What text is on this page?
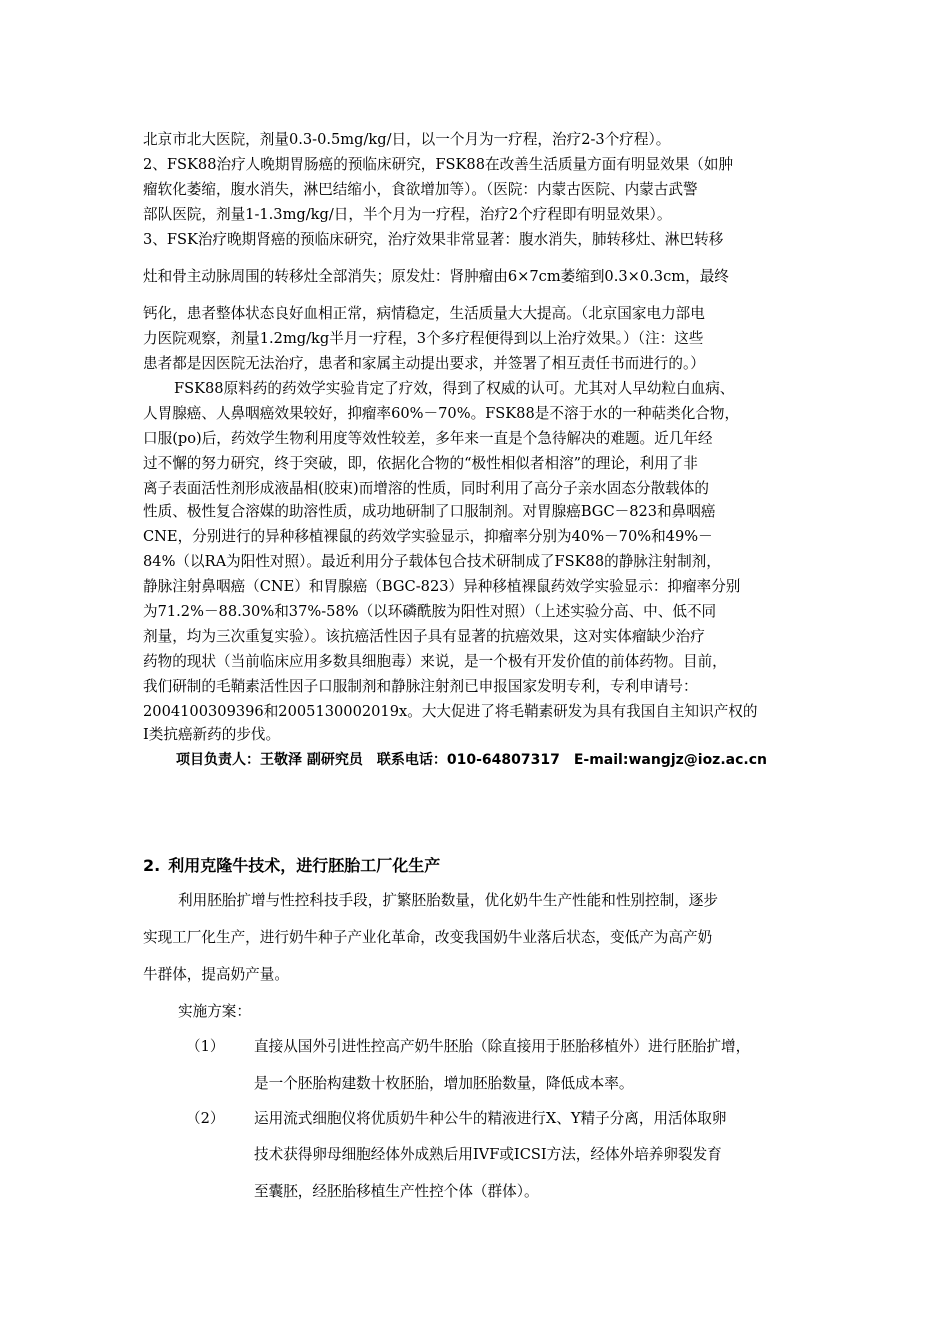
北京市北大医院，剂量0.3-0.5mg/kg/日，以一个月为一疗程，治疗2-3个疗程）。
2、FSK88治疗人晚期胃肠癌的预临床研究，FSK88在改善生活质量方面有明显效果（如肿
瘤软化萎缩，腹水消失，淋巴结缩小，食欲增加等）。（医院：内蒙古医院、内蒙古武警
部队医院，剂量1-1.3mg/kg/日，半个月为一疗程，治疗2个疗程即有明显效果）。
3、FSK治疗晚期肾癌的预临床研究，治疗效果非常显著：腹水消失，肺转移灶、淋巴转移
灶和骨主动脉周围的转移灶全部消失；原发灶：肾肿瘤由6×7cm萎缩到0.3×0.3cm，最终
钙化，患者整体状态良好血相正常，病情稳定，生活质量大大提高。（北京国家电力部电
力医院观察，剂量1.2mg/kg半月一疗程，3个多疗程便得到以上治疗效果。）（注：这些
患者都是因医院无法治疗，患者和家属主动提出要求，并签署了相互责任书而进行的。）
FSK88原料药的药效学实验肯定了疗效，得到了权威的认可。尤其对人早幼粒白血病、
人胃腺癌、人鼻咽癌效果较好，抑瘤率60%－70%。FSK88是不溶于水的一种萜类化合物，
口服(po)后，药效学生物利用度等效性较差，多年来一直是个急待解决的难题。近几年经
过不懈的努力研究，终于突破，即，依据化合物的“极性相似者相溶”的理论，利用了非
离子表面活性剂形成液晶相(胶束)而增溶的性质，同时利用了高分子亲水固态分散载体的
性质、极性复合溶媒的助溶性质，成功地研制了口服制剂。对胃腺癌BGC－823和鼻咽癌
CNE，分别进行的异种移植裸鼠的药效学实验显示，抑瘤率分别为40%－70%和49%－
84%（以RA为阳性对照）。最近利用分子载体包合技术研制成了FSK88的静脉注射制剂，
静脉注射鼻咽癌（CNE）和胃腺癌（BGC-823）异种移植裸鼠药效学实验显示：抑瘤率分别
为71.2%－88.30%和37%-58%（以环磷酰胺为阳性对照）（上述实验分高、中、低不同
剂量，均为三次重复实验）。该抗癌活性因子具有显著的抗癌效果，这对实体瘤缺少治疗
药物的现状（当前临床应用多数具细胞毒）来说，是一个极有开发价值的前体药物。目前，
我们研制的毛鞘素活性因子口服制剂和静脉注射剂已申报国家发明专利，专利申请号：
2004100309396和2005130002019x。大大促进了将毛鞘素研发为具有我国自主知识产权的
Ⅰ类抗癌新药的步伐。
项目负责人：王敬泽 副研究员 联系电话：010-64807317 E-mail:wangjz@ioz.ac.cn
2. 利用克隆牛技术，进行胚胎工厂化生产
利用胚胎扩增与性控科技手段，扩繁胚胎数量，优化奶牛生产性能和性别控制，逐步
实现工厂化生产，进行奶牛种子产业化革命，改变我国奶牛业落后状态，变低产为高产奶
牛群体，提高奶产量。
实施方案：
（1） 直接从国外引进性控高产奶牛胚胎（除直接用于胚胎移植外）进行胚胎扩增，
是一个胚胎构建数十枚胚胎，增加胚胎数量，降低成本率。
（2） 运用流式细胞仪将优质奶牛种公牛的精液进行X、Y精子分离，用活体取卵
技术获得卵母细胞经体外成熟后用IVF或ICSI方法，经体外培养卵裂发育
至囊胚，经胚胎移植生产性控个体（群体）。
